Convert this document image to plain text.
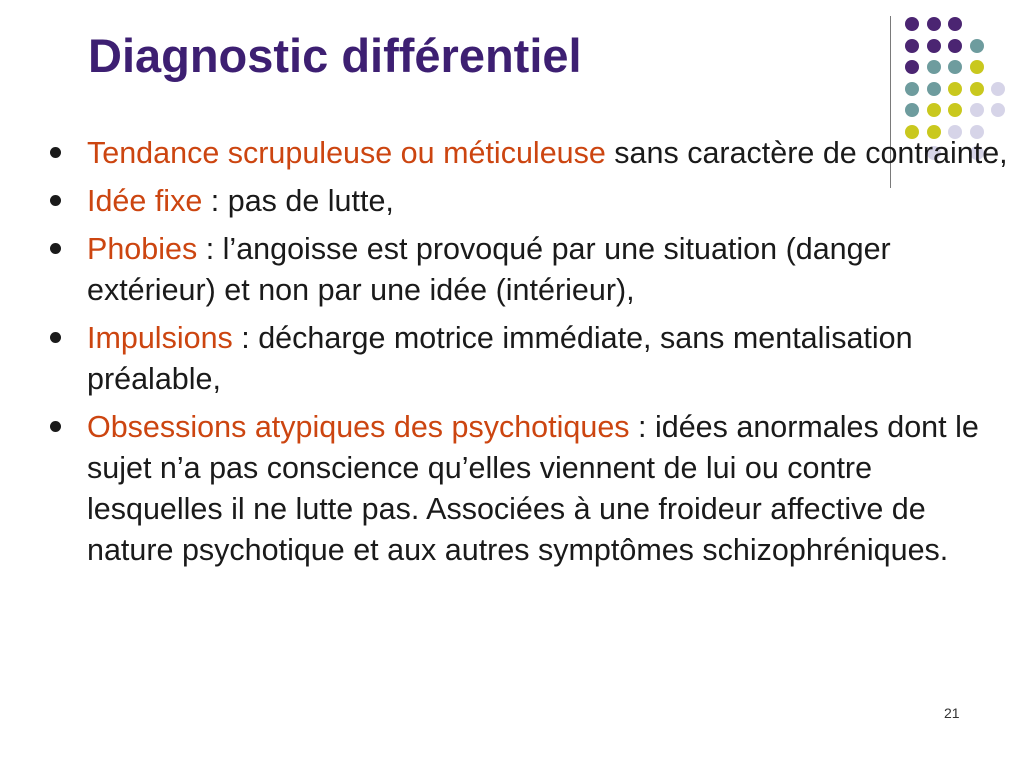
Diagnostic différentiel
Tendance scrupuleuse ou méticuleuse sans caractère de contrainte,
Idée fixe : pas de lutte,
Phobies : l’angoisse est provoqué par une situation (danger extérieur) et non par une idée (intérieur),
Impulsions : décharge motrice immédiate, sans mentalisation préalable,
Obsessions atypiques des psychotiques : idées anormales dont le sujet n’a pas conscience qu’elles viennent de lui ou contre lesquelles il ne lutte pas. Associées à une froideur affective de nature psychotique et aux autres symptômes schizophréniques.
21
